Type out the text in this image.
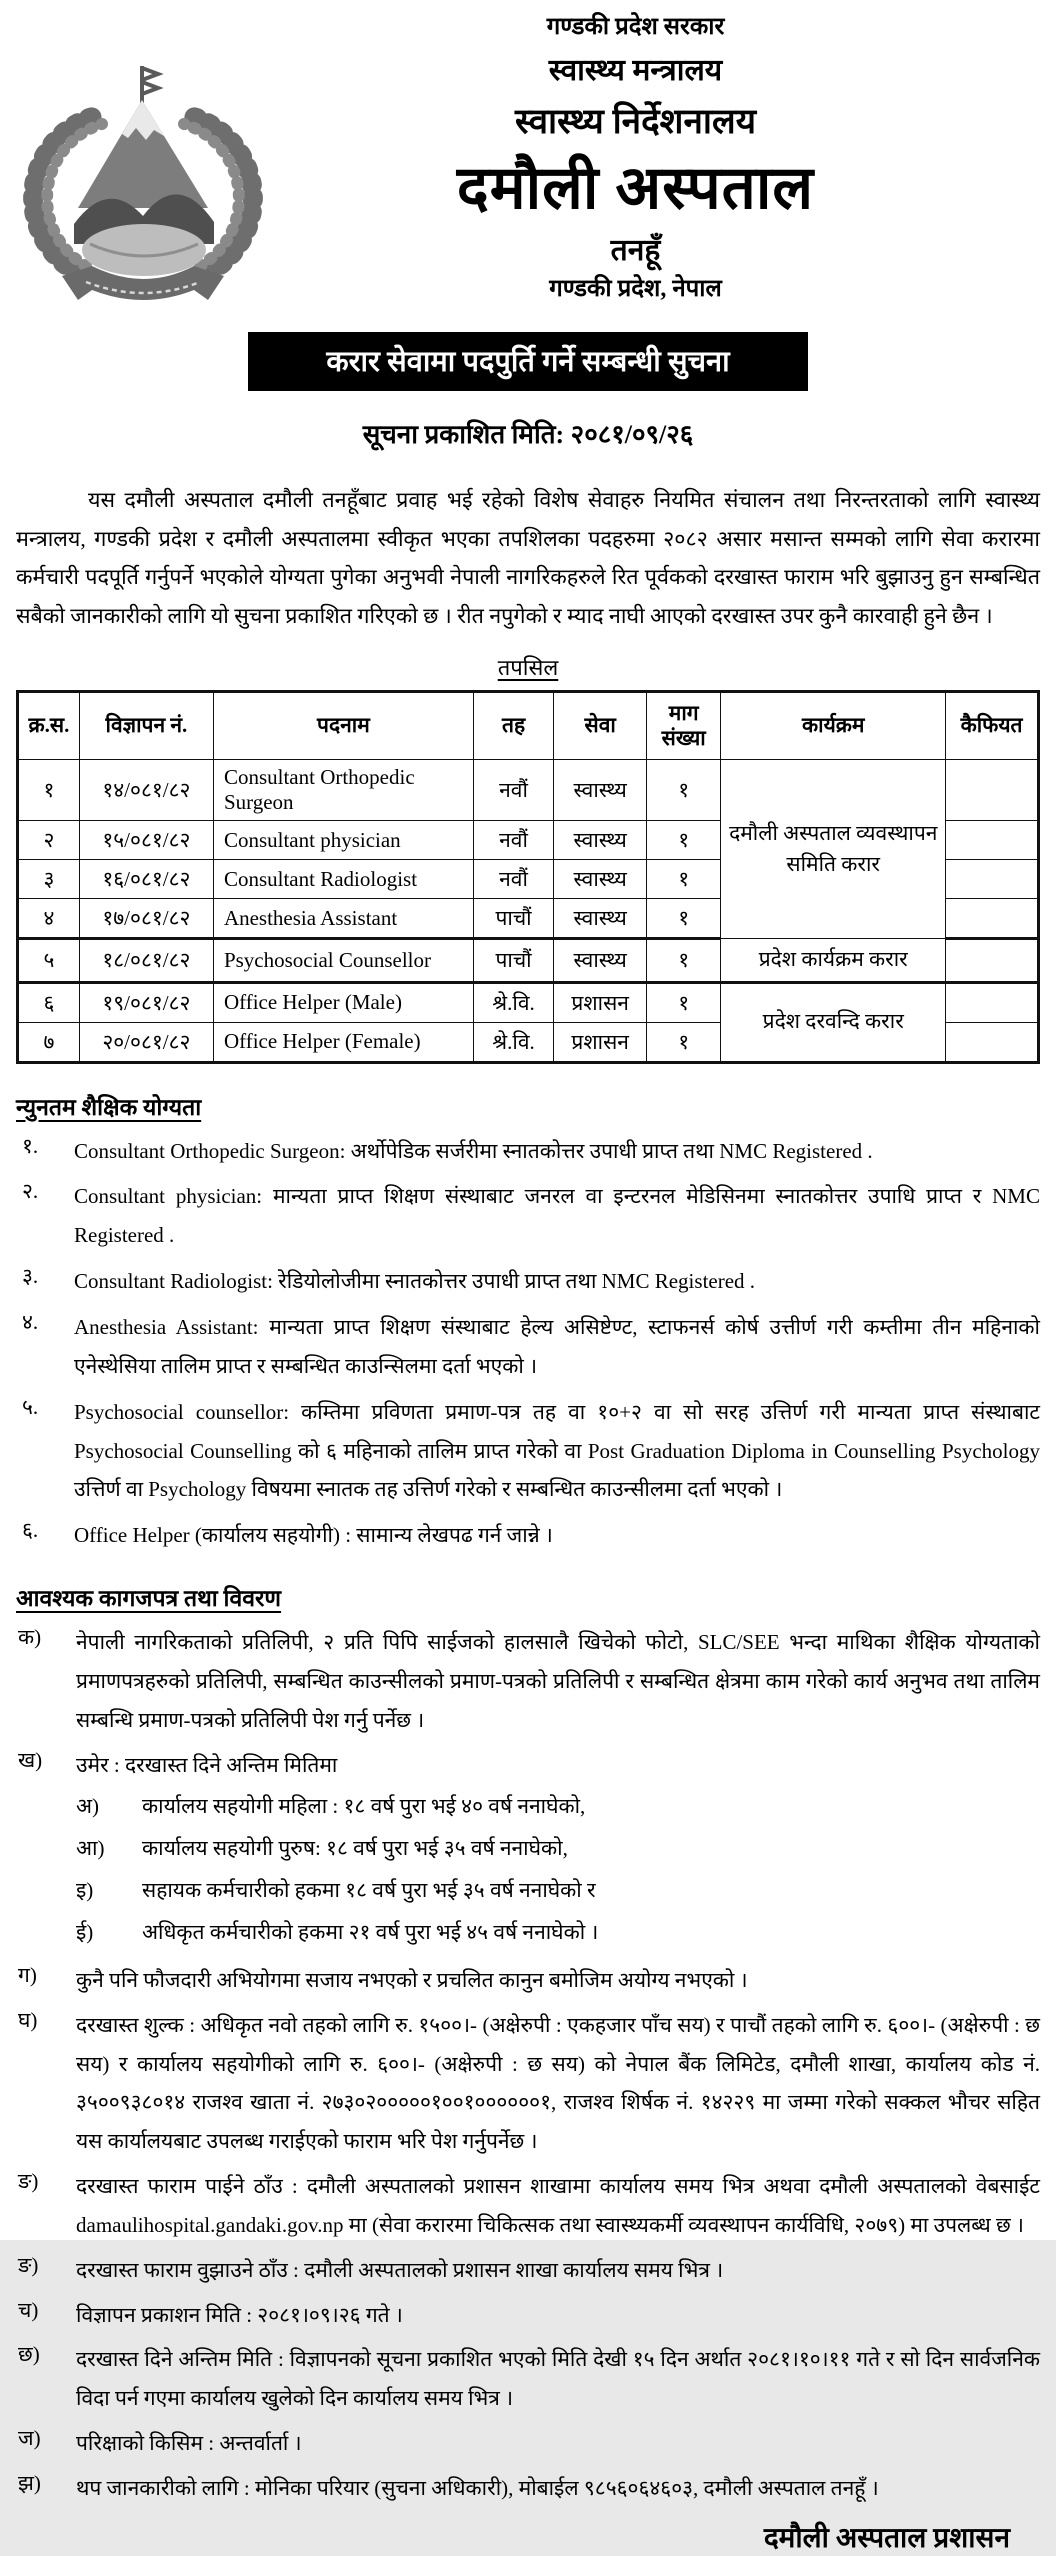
गण्डकी प्रदेश सरकार
स्वास्थ्य मन्त्रालय
स्वास्थ्य निर्देशनालय
दमौली अस्पताल
तनहूँ
गण्डकी प्रदेश, नेपाल
करार सेवामा पदपुर्ति गर्ने सम्बन्धी सुचना
सूचना प्रकाशित मिति: २०८१/०९/२६

यस दमौली अस्पताल दमौली तनहूँबाट प्रवाह भई रहेको विशेष सेवाहरु नियमित संचालन तथा निरन्तरताको लागि स्वास्थ्य मन्त्रालय, गण्डकी प्रदेश र दमौली अस्पतालमा स्वीकृत भएका तपशिलका पदहरुमा २०८२ असार मसान्त सम्मको लागि सेवा करारमा कर्मचारी पदपूर्ति गर्नुपर्ने भएकोले योग्यता पुगेका अनुभवी नेपाली नागरिकहरुले रित पूर्वकको दरखास्त फाराम भरि बुझाउनु हुन सम्बन्धित सबैको जानकारीको लागि यो सुचना प्रकाशित गरिएको छ । रीत नपुगेको र म्याद नाघी आएको दरखास्त उपर कुनै कारवाही हुने छैन ।

तपसिल
क्र.स.	विज्ञापन नं.	पदनाम	तह	सेवा	माग संख्या	कार्यक्रम	कैफियत
१	१४/०८१/८२	Consultant Orthopedic Surgeon	नवौं	स्वास्थ्य	१	दमौली अस्पताल व्यवस्थापन समिति करार	
२	१५/०८१/८२	Consultant physician	नवौं	स्वास्थ्य	१		
३	१६/०८१/८२	Consultant Radiologist	नवौं	स्वास्थ्य	१		
४	१७/०८१/८२	Anesthesia Assistant	पाचौं	स्वास्थ्य	१		
५	१८/०८१/८२	Psychosocial Counsellor	पाचौं	स्वास्थ्य	१	प्रदेश कार्यक्रम करार	
६	१९/०८१/८२	Office Helper (Male)	श्रे.वि.	प्रशासन	१	प्रदेश दरवन्दि करार	
७	२०/०८१/८२	Office Helper (Female)	श्रे.वि.	प्रशासन	१		
न्युनतम शैक्षिक योग्यता
१.	Consultant Orthopedic Surgeon: अर्थोपेडिक सर्जरीमा स्नातकोत्तर उपाधी प्राप्त तथा NMC Registered .
२.	Consultant physician: मान्यता प्राप्त शिक्षण संस्थाबाट जनरल वा इन्टरनल मेडिसिनमा स्नातकोत्तर उपाधि प्राप्त र NMC Registered .
३.	Consultant Radiologist: रेडियोलोजीमा स्नातकोत्तर उपाधी प्राप्त तथा NMC Registered .
४.	Anesthesia Assistant: मान्यता प्राप्त शिक्षण संस्थाबाट हेल्य असिष्टेण्ट, स्टाफनर्स कोर्ष उत्तीर्ण गरी कम्तीमा तीन महिनाको एनेस्थेसिया तालिम प्राप्त र सम्बन्धित काउन्सिलमा दर्ता भएको ।
५.	Psychosocial counsellor: कम्तिमा प्रविणता प्रमाण-पत्र तह वा १०+२ वा सो सरह उत्तिर्ण गरी मान्यता प्राप्त संस्थाबाट Psychosocial Counselling को ६ महिनाको तालिम प्राप्त गरेको वा Post Graduation Diploma in Counselling Psychology उत्तिर्ण वा Psychology विषयमा स्नातक तह उत्तिर्ण गरेको र सम्बन्धित काउन्सीलमा दर्ता भएको ।
६.	Office Helper (कार्यालय सहयोगी) : सामान्य लेखपढ गर्न जान्ने ।
आवश्यक कागजपत्र तथा विवरण
क)	नेपाली नागरिकताको प्रतिलिपी, २ प्रति पिपि साईजको हालसालै खिचेको फोटो, SLC/SEE भन्दा माथिका शैक्षिक योग्यताको प्रमाणपत्रहरुको प्रतिलिपी, सम्बन्धित काउन्सीलको प्रमाण-पत्रको प्रतिलिपी र सम्बन्धित क्षेत्रमा काम गरेको कार्य अनुभव तथा तालिम सम्बन्धि प्रमाण-पत्रको प्रतिलिपी पेश गर्नु पर्नेछ ।
ख)	उमेर : दरखास्त दिने अन्तिम मितिमा
अ)	कार्यालय सहयोगी महिला : १८ वर्ष पुरा भई ४० वर्ष ननाघेको,
आ)	कार्यालय सहयोगी पुरुष: १८ वर्ष पुरा भई ३५ वर्ष ननाघेको,
इ)	सहायक कर्मचारीको हकमा १८ वर्ष पुरा भई ३५ वर्ष ननाघेको र
ई)	अधिकृत कर्मचारीको हकमा २१ वर्ष पुरा भई ४५ वर्ष ननाघेको ।
ग)	कुनै पनि फौजदारी अभियोगमा सजाय नभएको र प्रचलित कानुन बमोजिम अयोग्य नभएको ।
घ)	दरखास्त शुल्क : अधिकृत नवो तहको लागि रु. १५००।- (अक्षेरुपी : एकहजार पाँच सय) र पाचौं तहको लागि रु. ६००।- (अक्षेरुपी : छ सय) र कार्यालय सहयोगीको लागि रु. ६००।- (अक्षेरुपी : छ सय) को नेपाल बैंक लिमिटेड, दमौली शाखा, कार्यालय कोड नं. ३५००९३८०१४ राजश्व खाता नं. २७३०२०००००१००१००००००१, राजश्व शिर्षक नं. १४२२९ मा जम्मा गरेको सक्कल भौचर सहित यस कार्यालयबाट उपलब्ध गराईएको फाराम भरि पेश गर्नुपर्नेछ ।
ङ)	दरखास्त फाराम पाईने ठाँउ : दमौली अस्पतालको प्रशासन शाखामा कार्यालय समय भित्र अथवा दमौली अस्पतालको वेबसाईट damaulihospital.gandaki.gov.np मा (सेवा करारमा चिकित्सक तथा स्वास्थ्यकर्मी व्यवस्थापन कार्यविधि, २०७९) मा उपलब्ध छ ।
ङ)	दरखास्त फाराम वुझाउने ठाँउ : दमौली अस्पतालको प्रशासन शाखा कार्यालय समय भित्र ।
च)	विज्ञापन प्रकाशन मिति : २०८१।०९।२६ गते ।
छ)	दरखास्त दिने अन्तिम मिति : विज्ञापनको सूचना प्रकाशित भएको मिति देखी १५ दिन अर्थात २०८१।१०।११ गते र सो दिन सार्वजनिक विदा पर्न गएमा कार्यालय खुलेको दिन कार्यालय समय भित्र ।
ज)	परिक्षाको किसिम : अन्तर्वार्ता ।
झ)	थप जानकारीको लागि : मोनिका परियार (सुचना अधिकारी), मोबाईल ९८५६०६४६०३, दमौली अस्पताल तनहूँ ।
दमौली अस्पताल प्रशासन
